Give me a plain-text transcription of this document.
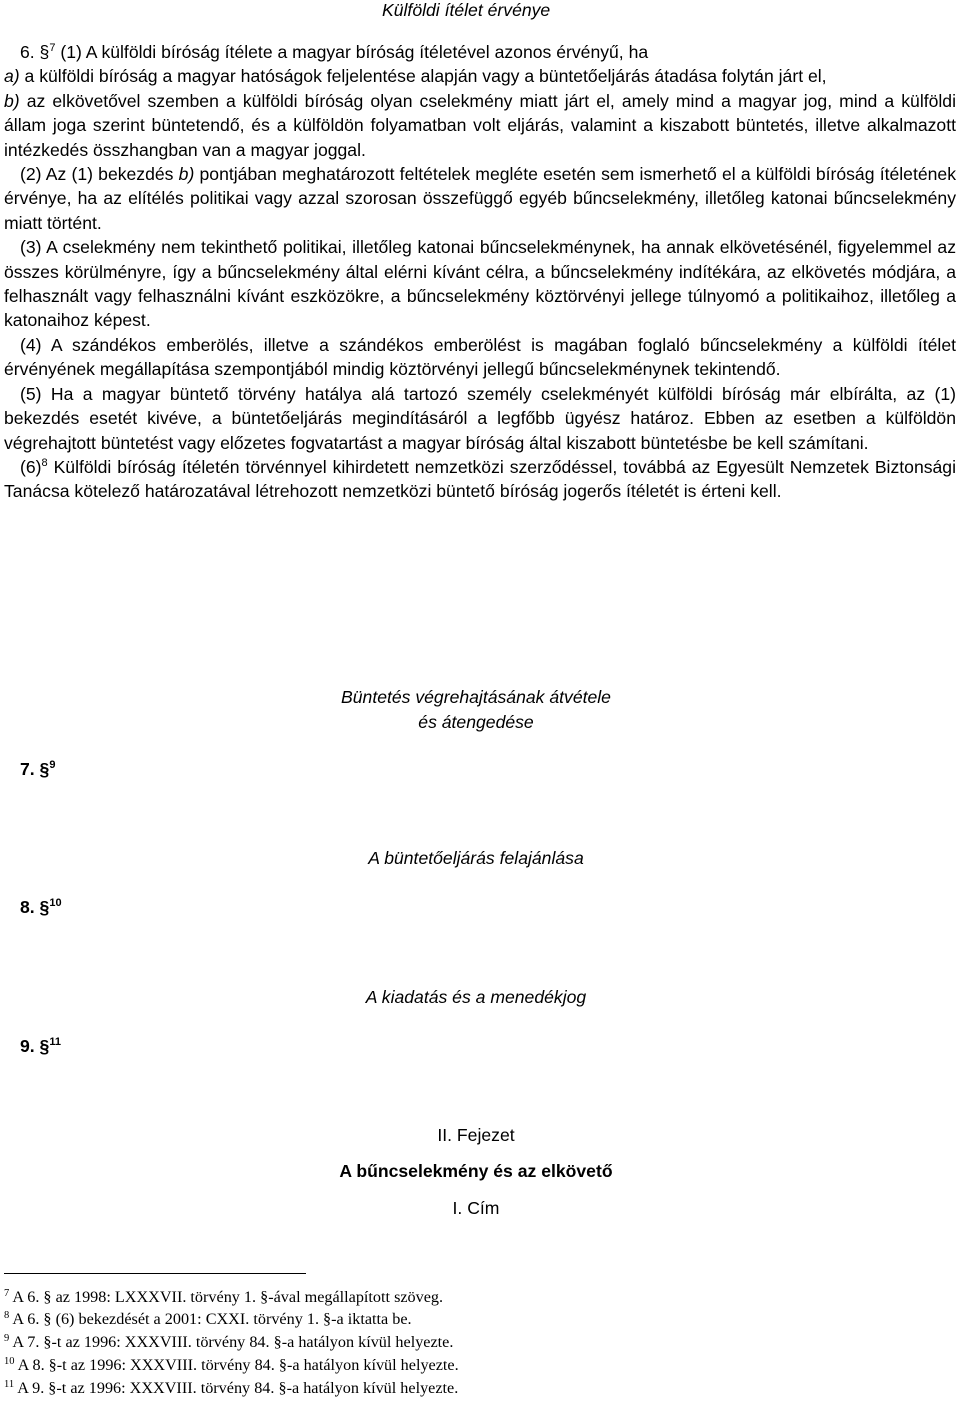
Külföldi ítélet érvénye

6. §$^7$ (1) A külföldi bíróság ítélete a magyar bíróság ítéletével azonos érvényű, ha

a) a külföldi bíróság a magyar hatóságok feljelentése alapján vagy a büntetőeljárás átadása folytán járt el,

b) az elkövetővel szemben a külföldi bíróság olyan cselekmény miatt járt el, amely mind a magyar jog, mind a külföldi állam joga szerint büntetendő, és a külföldön folyamatban volt eljárás, valamint a kiszabott büntetés, illetve alkalmazott intézkedés összhangban van a magyar joggal.

(2) Az (1) bekezdés b) pontjában meghatározott feltételek megléte esetén sem ismerhető el a külföldi bíróság ítéletének érvénye, ha az elítélés politikai vagy azzal szorosan összefüggő egyéb bűncselekmény, illetőleg katonai bűncselekmény miatt történt.

(3) A cselekmény nem tekinthető politikai, illetőleg katonai bűncselekménynek, ha annak elkövetésénél, figyelemmel az összes körülményre, így a bűncselekmény által elérni kívánt célra, a bűncselekmény indítékára, az elkövetés módjára, a felhasznált vagy felhasználni kívánt eszközökre, a bűncselekmény köztörvényi jellege túlnyomó a politikaihoz, illetőleg a katonaihoz képest.

(4) A szándékos emberölés, illetve a szándékos emberölést is magában foglaló bűncselekmény a külföldi ítélet érvényének megállapítása szempontjából mindig köztörvényi jellegű bűncselekménynek tekintendő.

(5) Ha a magyar büntető törvény hatálya alá tartozó személy cselekményét külföldi bíróság már elbírálta, az (1) bekezdés esetét kivéve, a büntetőeljárás megindításáról a legfőbb ügyész határoz. Ebben az esetben a külföldön végrehajtott büntetést vagy előzetes fogvatartást a magyar bíróság által kiszabott büntetésbe be kell számítani.

$(6)^8$ Külföldi bíróság ítéletén törvénnyel kihirdetett nemzetközi szerződéssel, továbbá az Egyesült Nemzetek Biztonsági Tanácsa kötelező határozatával létrehozott nemzetközi büntető bíróság jogerős ítéletét is érteni kell.

Büntetés végrehajtásának átvétele
és átengedése
7. §$^9$
A büntetőeljárás felajánlása
8. §$^{10}$
A kiadatás és a menedékjog
9. §$^{11}$
II. Fejezet
A bűncselekmény és az elkövető
I. Cím
$^7$ A 6. § az 1998: LXXXVII. törvény 1. §-ával megállapított szöveg.
$^8$ A 6. § (6) bekezdését a 2001: CXXI. törvény 1. §-a iktatta be.
$^9$ A 7. §-t az 1996: XXXVIII. törvény 84. §-a hatályon kívül helyezte.
$^{10}$ A 8. §-t az 1996: XXXVIII. törvény 84. §-a hatályon kívül helyezte.
$^{11}$ A 9. §-t az 1996: XXXVIII. törvény 84. §-a hatályon kívül helyezte.
